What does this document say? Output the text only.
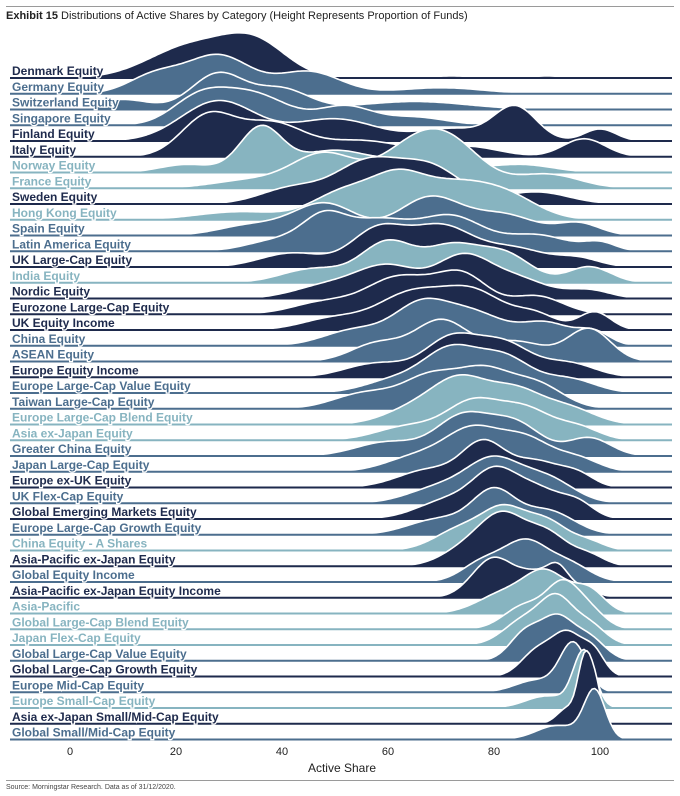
Exhibit 15 Distributions of Active Shares by Category (Height Represents Proportion of Funds)
Denmark Equity
Germany Equity
Switzerland Equity
Singapore Equity
Finland Equity
Italy Equity
Norway Equity
France Equity
Sweden Equity
Hong Kong Equity
Spain Equity
Latin America Equity
UK Large-Cap Equity
India Equity
Nordic Equity
Eurozone Large-Cap Equity
UK Equity Income
China Equity
ASEAN Equity
Europe Equity Income
Europe Large-Cap Value Equity
Taiwan Large-Cap Equity
Europe Large-Cap Blend Equity
Asia ex-Japan Equity
Greater China Equity
Japan Large-Cap Equity
Europe ex-UK Equity
UK Flex-Cap Equity
Global Emerging Markets Equity
Europe Large-Cap Growth Equity
China Equity - A Shares
Asia-Pacific ex-Japan Equity
Global Equity Income
Asia-Pacific ex-Japan Equity Income
Asia-Pacific
Global Large-Cap Blend Equity
Japan Flex-Cap Equity
Global Large-Cap Value Equity
Global Large-Cap Growth Equity
Europe Mid-Cap Equity
Europe Small-Cap Equity
Asia ex-Japan Small/Mid-Cap Equity
Global Small/Mid-Cap Equity
0	20	40	60	80	100
Active Share
Source: Morningstar Research. Data as of 31/12/2020.
